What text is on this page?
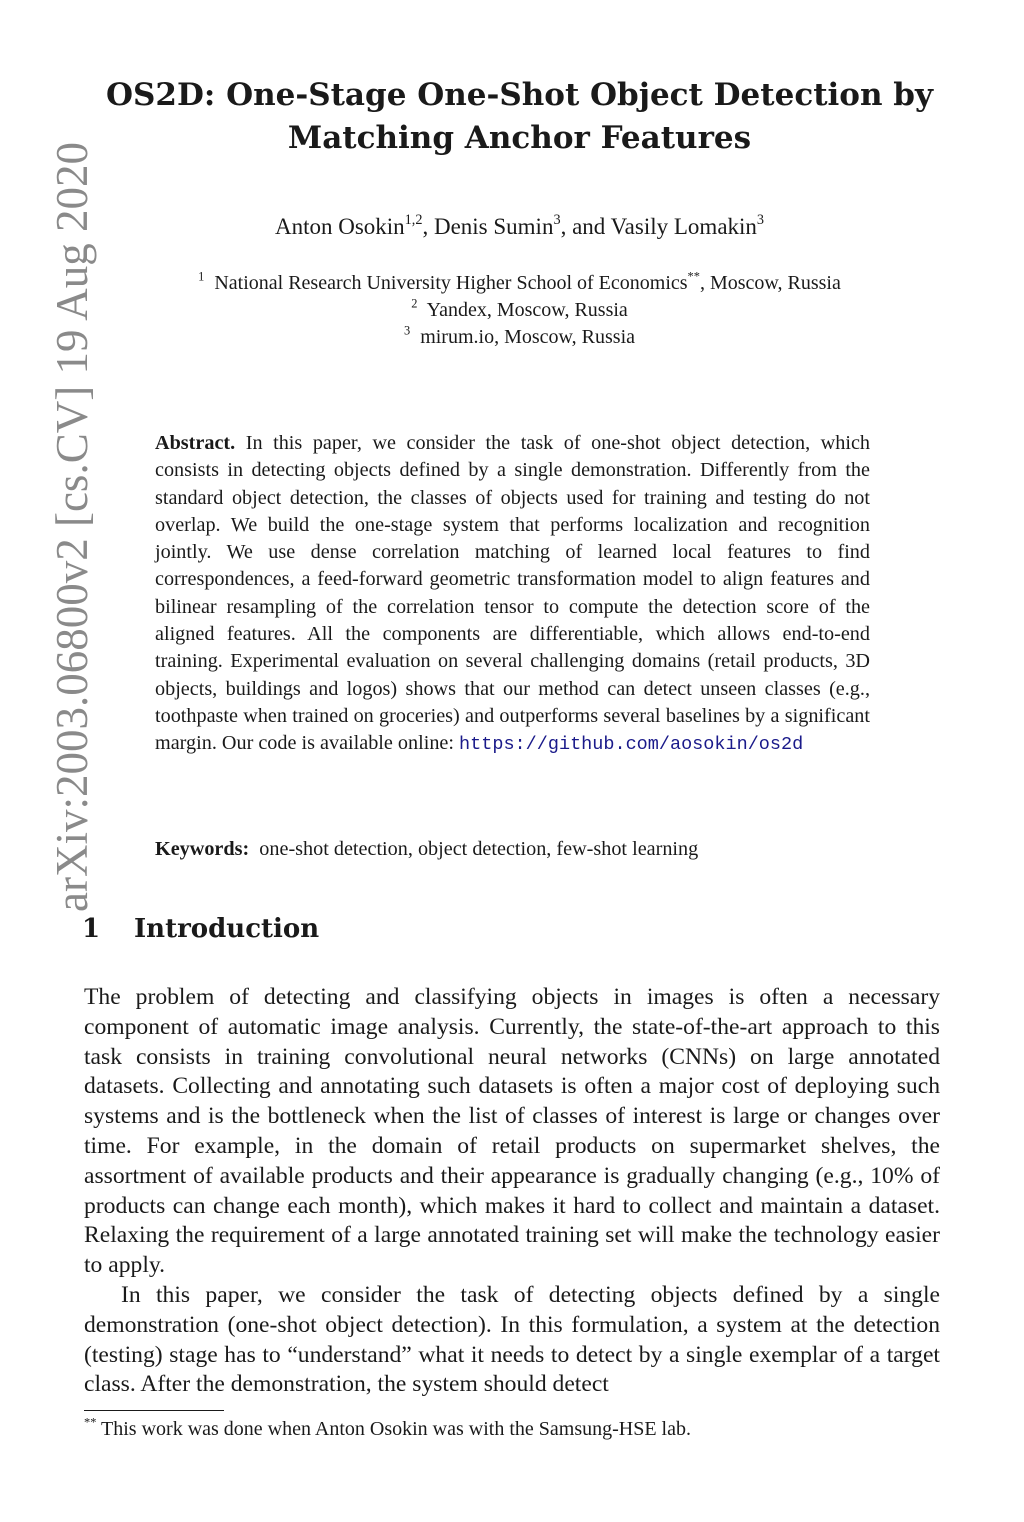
arXiv:2003.06800v2 [cs.CV] 19 Aug 2020
OS2D: One-Stage One-Shot Object Detection by Matching Anchor Features
Anton Osokin$^{1,2}$, Denis Sumin$^3$, and Vasily Lomakin$^3$
$^1$ National Research University Higher School of Economics**, Moscow, Russia
$^2$ Yandex, Moscow, Russia
$^3$ mirum.io, Moscow, Russia
Abstract. In this paper, we consider the task of one-shot object detection, which consists in detecting objects defined by a single demonstration. Differently from the standard object detection, the classes of objects used for training and testing do not overlap. We build the one-stage system that performs localization and recognition jointly. We use dense correlation matching of learned local features to find correspondences, a feed-forward geometric transformation model to align features and bilinear resampling of the correlation tensor to compute the detection score of the aligned features. All the components are differentiable, which allows end-to-end training. Experimental evaluation on several challenging domains (retail products, 3D objects, buildings and logos) shows that our method can detect unseen classes (e.g., toothpaste when trained on groceries) and outperforms several baselines by a significant margin. Our code is available online: https://github.com/aosokin/os2d
Keywords: one-shot detection, object detection, few-shot learning
1 Introduction

The problem of detecting and classifying objects in images is often a necessary component of automatic image analysis. Currently, the state-of-the-art approach to this task consists in training convolutional neural networks (CNNs) on large annotated datasets. Collecting and annotating such datasets is often a major cost of deploying such systems and is the bottleneck when the list of classes of interest is large or changes over time. For example, in the domain of retail products on supermarket shelves, the assortment of available products and their appearance is gradually changing (e.g., 10% of products can change each month), which makes it hard to collect and maintain a dataset. Relaxing the requirement of a large annotated training set will make the technology easier to apply.

In this paper, we consider the task of detecting objects defined by a single demonstration (one-shot object detection). In this formulation, a system at the detection (testing) stage has to “understand” what it needs to detect by a single exemplar of a target class. After the demonstration, the system should detect

** This work was done when Anton Osokin was with the Samsung-HSE lab.
